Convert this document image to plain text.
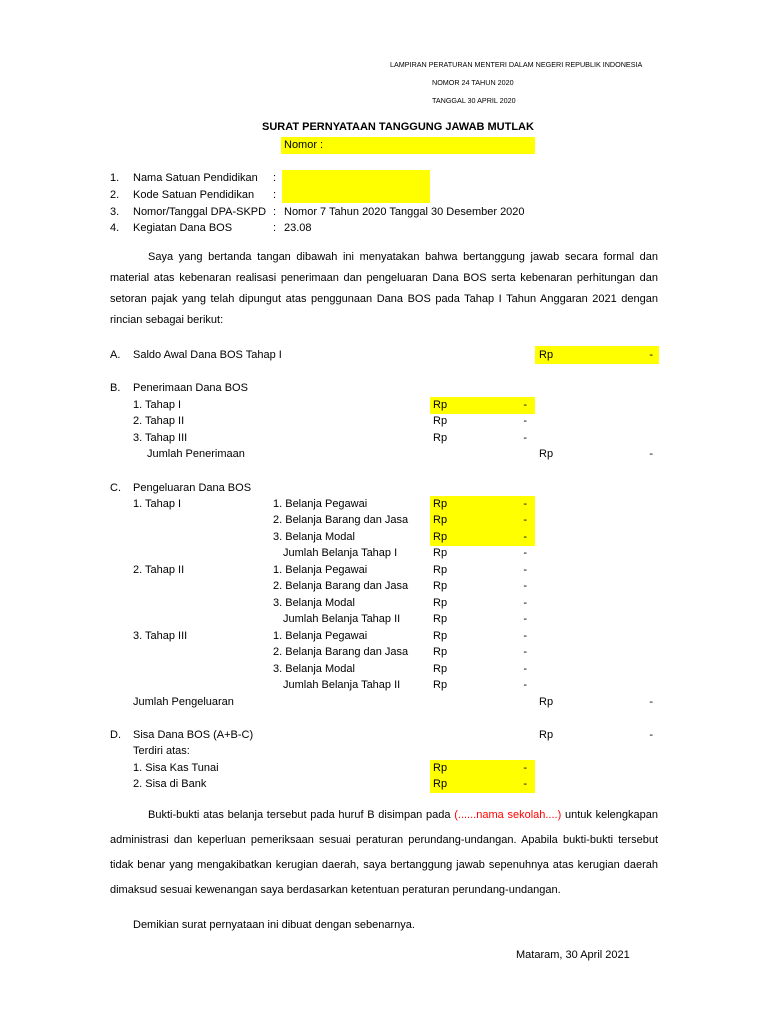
LAMPIRAN PERATURAN MENTERI DALAM NEGERI REPUBLIK INDONESIA
NOMOR 24 TAHUN 2020
TANGGAL 30 APRIL 2020
SURAT PERNYATAAN TANGGUNG JAWAB MUTLAK
Nomor :
1. Nama Satuan Pendidikan :
2. Kode Satuan Pendidikan :
3. Nomor/Tanggal DPA-SKPD : Nomor 7 Tahun 2020 Tanggal 30 Desember 2020
4. Kegiatan Dana BOS	: 23.08
Saya yang bertanda tangan dibawah ini menyatakan bahwa bertanggung jawab secara formal dan material atas kebenaran realisasi penerimaan dan pengeluaran Dana BOS serta kebenaran perhitungan dan setoran pajak yang telah dipungut atas penggunaan Dana BOS pada Tahap I Tahun Anggaran 2021 dengan rincian sebagai berikut:
A. Saldo Awal Dana BOS Tahap I	Rp	-
B. Penerimaan Dana BOS
1. Tahap I	Rp	-
2. Tahap II	Rp	-
3. Tahap III	Rp	-
Jumlah Penerimaan	Rp	-
C. Pengeluaran Dana BOS
1. Tahap I	1. Belanja Pegawai	Rp	-
2. Belanja Barang dan Jasa Rp	-
3. Belanja Modal	Rp	-
Jumlah Belanja Tahap I	Rp	-
2. Tahap II	1. Belanja Pegawai	Rp	-
2. Belanja Barang dan Jasa Rp	-
3. Belanja Modal	Rp	-
Jumlah Belanja Tahap II	Rp	-
3. Tahap III	1. Belanja Pegawai	Rp	-
2. Belanja Barang dan Jasa Rp	-
3. Belanja Modal	Rp	-
Jumlah Belanja Tahap II	Rp	-
Jumlah Pengeluaran	Rp	-
D. Sisa Dana BOS (A+B-C)	Rp	-
Terdiri atas:
1. Sisa Kas Tunai	Rp	-
2. Sisa di Bank	Rp	-
Bukti-bukti atas belanja tersebut pada huruf B disimpan pada (......nama sekolah....) untuk kelengkapan administrasi dan keperluan pemeriksaan sesuai peraturan perundang-undangan. Apabila bukti-bukti tersebut tidak benar yang mengakibatkan kerugian daerah, saya bertanggung jawab sepenuhnya atas kerugian daerah dimaksud sesuai kewenangan saya berdasarkan ketentuan peraturan perundang-undangan.
Demikian surat pernyataan ini dibuat dengan sebenarnya.
Mataram, 30 April 2021
